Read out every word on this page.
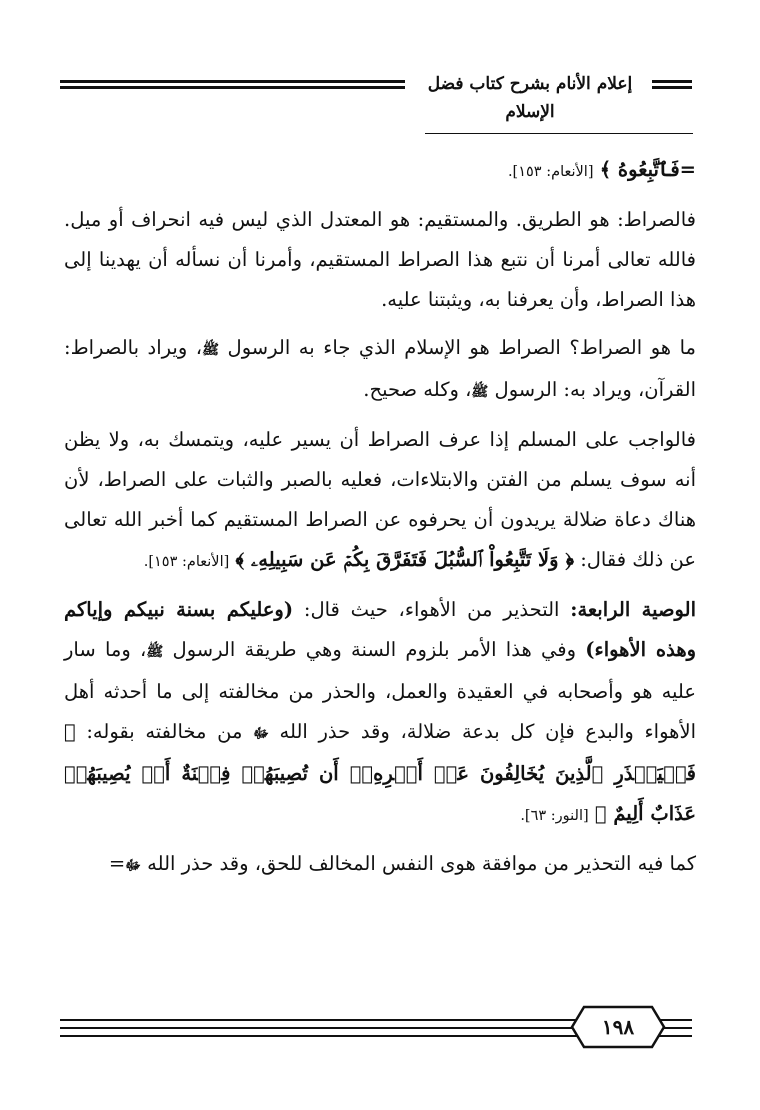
إعلام الأنام بشرح كتاب فضل الإسلام

=فَٱتَّبِعُوهُ ﴾ [الأنعام: ١٥٣].

فالصراط: هو الطريق. والمستقيم: هو المعتدل الذي ليس فيه انحراف أو ميل. فالله تعالى أمرنا أن نتبع هذا الصراط المستقيم، وأمرنا أن نسأله أن يهدينا إلى هذا الصراط، وأن يعرفنا به، ويثبتنا عليه.

ما هو الصراط؟ الصراط هو الإسلام الذي جاء به الرسول ﷺ، ويراد بالصراط: القرآن، ويراد به: الرسول ﷺ، وكله صحيح.

فالواجب على المسلم إذا عرف الصراط أن يسير عليه، ويتمسك به، ولا يظن أنه سوف يسلم من الفتن والابتلاءات، فعليه بالصبر والثبات على الصراط، لأن هناك دعاة ضلالة يريدون أن يحرفوه عن الصراط المستقيم كما أخبر الله تعالى عن ذلك فقال: ﴿ وَلَا تَتَّبِعُواْ ٱلسُّبُلَ فَتَفَرَّقَ بِكُمۡ عَن سَبِيلِهِۦ ﴾ [الأنعام: ١٥٣].

الوصية الرابعة: التحذير من الأهواء، حيث قال: (وعليكم بسنة نبيكم وإياكم وهذه الأهواء) وفي هذا الأمر بلزوم السنة وهي طريقة الرسول ﷺ، وما سار عليه هو وأصحابه في العقيدة والعمل، والحذر من مخالفته إلى ما أحدثه أهل الأهواء والبدع فإن كل بدعة ضلالة، وقد حذر الله ﷻ من مخالفته بقوله: ﴿ فَلۡيَحۡذَرِ ٱلَّذِينَ يُخَالِفُونَ عَنۡ أَمۡرِهِۦٓ أَن تُصِيبَهُمۡ فِتۡنَةٌ أَوۡ يُصِيبَهُمۡ عَذَابٌ أَلِيمٌ ﴾ [النور: ٦٣].

كما فيه التحذير من موافقة هوى النفس المخالف للحق، وقد حذر الله ﷻ=

١٩٨
